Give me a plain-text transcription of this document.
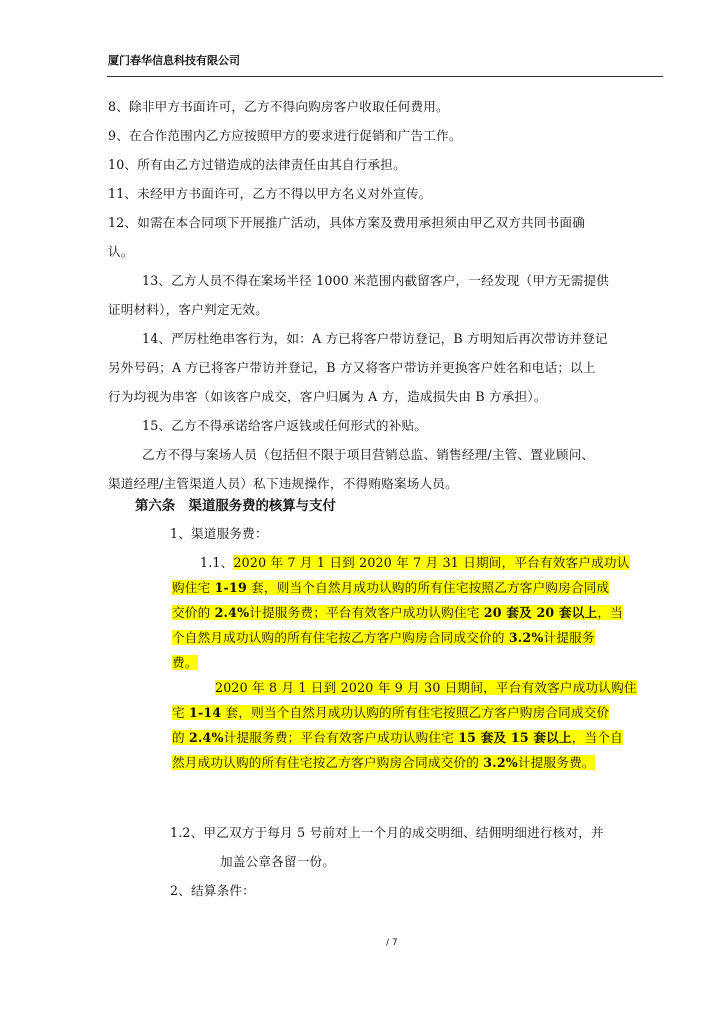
厦门春华信息科技有限公司
8、除非甲方书面许可，乙方不得向购房客户收取任何费用。
9、在合作范围内乙方应按照甲方的要求进行促销和广告工作。
10、所有由乙方过错造成的法律责任由其自行承担。
11、未经甲方书面许可，乙方不得以甲方名义对外宣传。
12、如需在本合同项下开展推广活动，具体方案及费用承担须由甲乙双方共同书面确
认。
13、乙方人员不得在案场半径 1000 米范围内截留客户，一经发现（甲方无需提供
证明材料），客户判定无效。
14、严厉杜绝串客行为，如：A 方已将客户带访登记，B 方明知后再次带访并登记
另外号码；A 方已将客户带访并登记，B 方又将客户带访并更换客户姓名和电话；以上
行为均视为串客（如该客户成交，客户归属为 A 方，造成损失由 B 方承担）。
15、乙方不得承诺给客户返钱或任何形式的补贴。
乙方不得与案场人员（包括但不限于项目营销总监、销售经理/主管、置业顾问、
渠道经理/主管渠道人员）私下违规操作，不得贿赂案场人员。
第六条　渠道服务费的核算与支付
1、渠道服务费：
1.1、2020 年 7 月 1 日到 2020 年 7 月 31 日期间，平台有效客户成功认
购住宅 1-19 套，则当个自然月成功认购的所有住宅按照乙方客户购房合同成
交价的 2.4%计提服务费；平台有效客户成功认购住宅 20 套及 20 套以上，当
个自然月成功认购的所有住宅按乙方客户购房合同成交价的 3.2%计提服务
费。
2020 年 8 月 1 日到 2020 年 9 月 30 日期间，平台有效客户成功认购住
宅 1-14 套，则当个自然月成功认购的所有住宅按照乙方客户购房合同成交价
的 2.4%计提服务费；平台有效客户成功认购住宅 15 套及 15 套以上，当个自
然月成功认购的所有住宅按乙方客户购房合同成交价的 3.2%计提服务费。
1.2、甲乙双方于每月 5 号前对上一个月的成交明细、结佣明细进行核对，并
加盖公章各留一份。
2、结算条件：
/ 7
